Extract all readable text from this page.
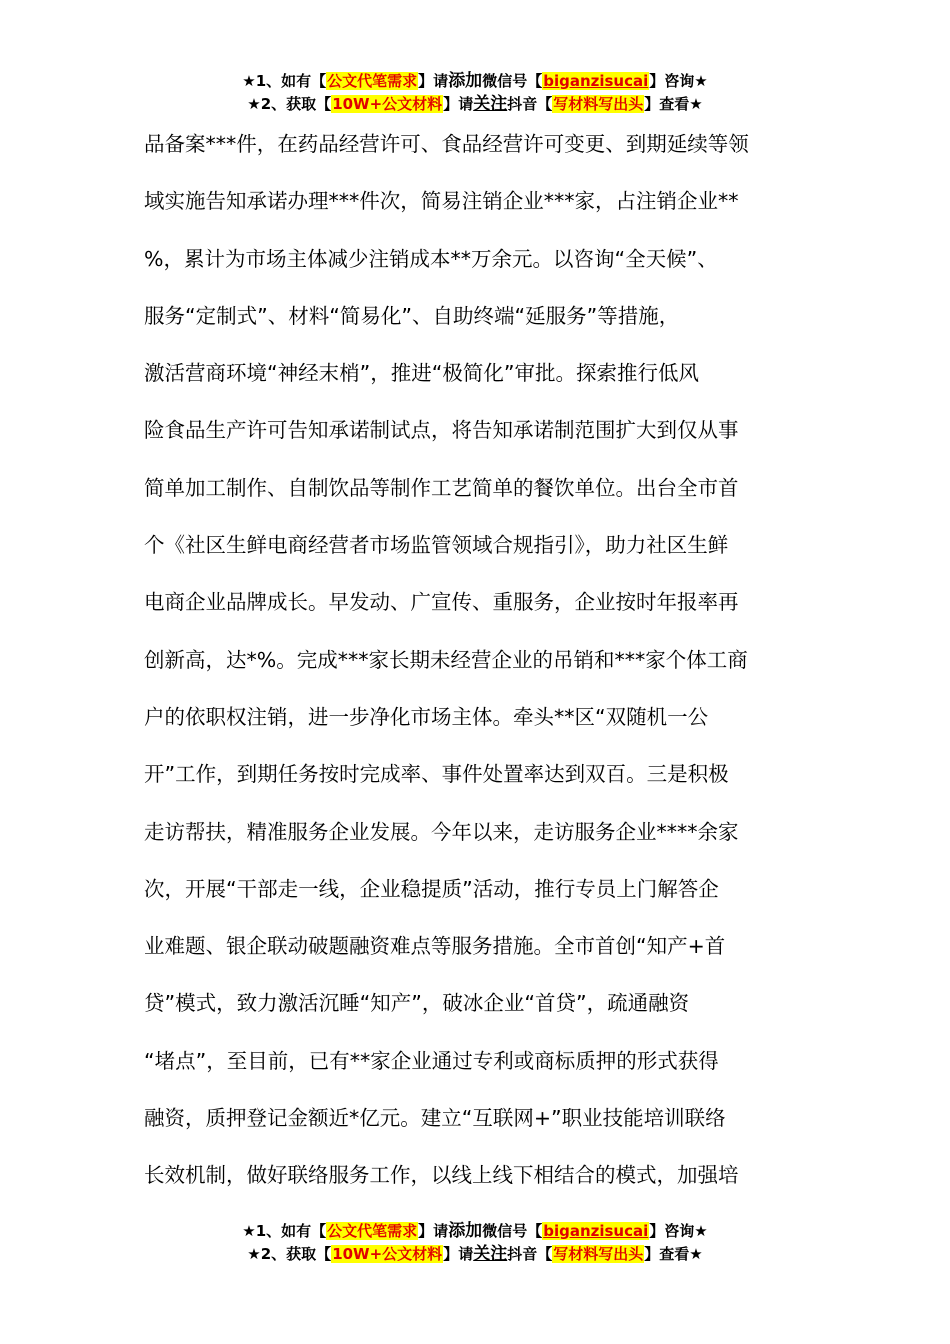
★1、如有【公文代笔需求】请添加微信号【biganzisucai】咨询★
★2、获取【10W+公文材料】请关注抖音【写材料写出头】查看★
品备案***件，在药品经营许可、食品经营许可变更、到期延续等领
域实施告知承诺办理***件次，简易注销企业***家，占注销企业**
%，累计为市场主体减少注销成本**万余元。以咨询“全天候”、
服务“定制式”、材料“简易化”、自助终端“延服务”等措施，
激活营商环境“神经末梢”，推进“极简化”审批。探索推行低风
险食品生产许可告知承诺制试点，将告知承诺制范围扩大到仅从事
简单加工制作、自制饮品等制作工艺简单的餐饮单位。出台全市首
个《社区生鲜电商经营者市场监管领域合规指引》，助力社区生鲜
电商企业品牌成长。早发动、广宣传、重服务，企业按时年报率再
创新高，达*%。完成***家长期未经营企业的吊销和***家个体工商
户的依职权注销，进一步净化市场主体。牵头**区“双随机一公
开”工作，到期任务按时完成率、事件处置率达到双百。三是积极
走访帮扶，精准服务企业发展。今年以来，走访服务企业****余家
次，开展“干部走一线，企业稳提质”活动，推行专员上门解答企
业难题、银企联动破题融资难点等服务措施。全市首创“知产+首
贷”模式，致力激活沉睡“知产”，破冰企业“首贷”，疏通融资
“堵点”，至目前，已有**家企业通过专利或商标质押的形式获得
融资，质押登记金额近*亿元。建立“互联网+”职业技能培训联络
长效机制，做好联络服务工作，以线上线下相结合的模式，加强培
★1、如有【公文代笔需求】请添加微信号【biganzisucai】咨询★
★2、获取【10W+公文材料】请关注抖音【写材料写出头】查看★
